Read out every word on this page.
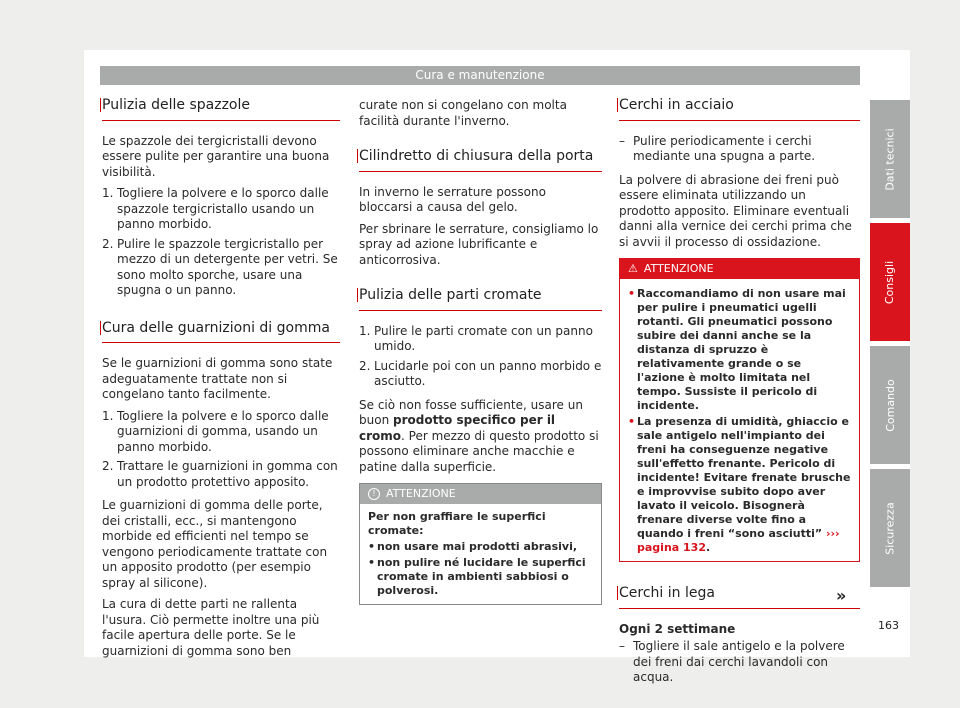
Cura e manutenzione
Pulizia delle spazzole

Le spazzole dei tergicristalli devono essere pulite per garantire una buona visibilità.

1. Togliere la polvere e lo sporco dalle spazzole tergicristallo usando un panno morbido.
2. Pulire le spazzole tergicristallo per mezzo di un detergente per vetri. Se sono molto sporche, usare una spugna o un panno.
Cura delle guarnizioni di gomma

Se le guarnizioni di gomma sono state adeguatamente trattate non si congelano tanto facilmente.

1. Togliere la polvere e lo sporco dalle guarnizioni di gomma, usando un panno morbido.
2. Trattare le guarnizioni in gomma con un prodotto protettivo apposito.

Le guarnizioni di gomma delle porte, dei cristalli, ecc., si mantengono morbide ed efficienti nel tempo se vengono periodicamente trattate con un apposito prodotto (per esempio spray al silicone).

La cura di dette parti ne rallenta l'usura. Ciò permette inoltre una più facile apertura delle porte. Se le guarnizioni di gomma sono ben

curate non si congelano con molta facilità durante l'inverno.

Cilindretto di chiusura della porta

In inverno le serrature possono bloccarsi a causa del gelo.

Per sbrinare le serrature, consigliamo lo spray ad azione lubrificante e anticorrosiva.

Pulizia delle parti cromate
1. Pulire le parti cromate con un panno umido.
2. Lucidarle poi con un panno morbido e asciutto.

Se ciò non fosse sufficiente, usare un buon prodotto specifico per il cromo. Per mezzo di questo prodotto si possono eliminare anche macchie e patine dalla superficie.

! ATTENZIONE
Per non graffiare le superfici cromate:
• non usare mai prodotti abrasivi,
• non pulire né lucidare le superfici cromate in ambienti sabbiosi o polverosi.
Cerchi in acciaio
– Pulire periodicamente i cerchi mediante una spugna a parte.

La polvere di abrasione dei freni può essere eliminata utilizzando un prodotto apposito. Eliminare eventuali danni alla vernice dei cerchi prima che si avvii il processo di ossidazione.

⚠ ATTENZIONE
• Raccomandiamo di non usare mai per pulire i pneumatici ugelli rotanti. Gli pneumatici possono subire dei danni anche se la distanza di spruzzo è relativamente grande o se l'azione è molto limitata nel tempo. Sussiste il pericolo di incidente.
• La presenza di umidità, ghiaccio e sale antigelo nell'impianto dei freni ha conseguenze negative sull'effetto frenante. Pericolo di incidente! Evitare frenate brusche e improvvise subito dopo aver lavato il veicolo. Bisognerà frenare diverse volte fino a quando i freni “sono asciutti” ››› pagina 132.
Cerchi in lega

Ogni 2 settimane

– Togliere il sale antigelo e la polvere dei freni dai cerchi lavandoli con acqua.
Dati tecnici
Consigli
Comando
Sicurezza
»
163
